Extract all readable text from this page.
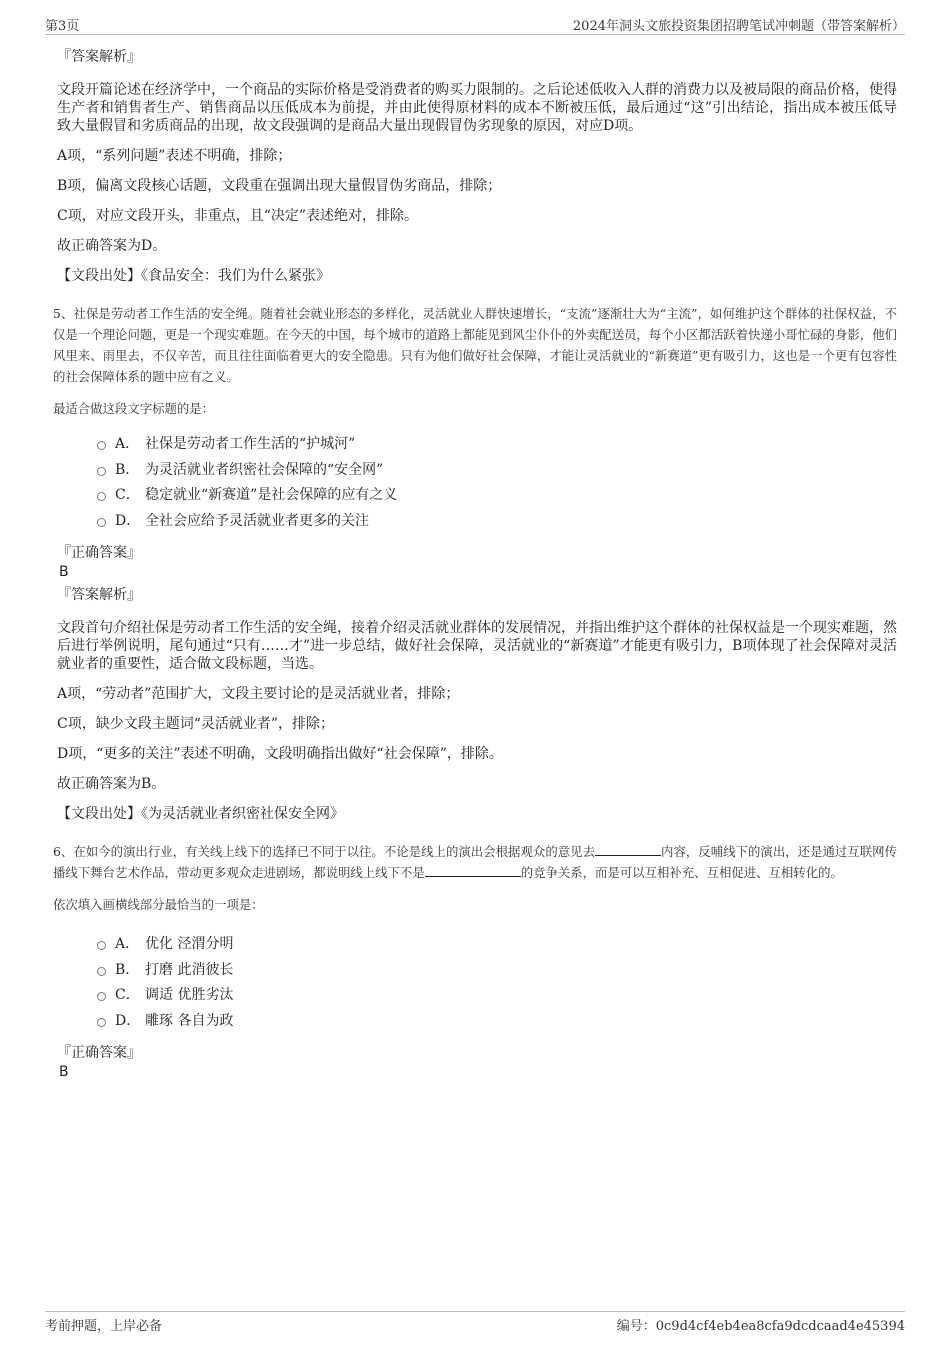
第3页	2024年洞头文旅投资集团招聘笔试冲刺题（带答案解析）
『答案解析』

文段开篇论述在经济学中，一个商品的实际价格是受消费者的购买力限制的。之后论述低收入人群的消费力以及被局限的商品价格，使得生产者和销售者生产、销售商品以压低成本为前提，并由此使得原材料的成本不断被压低，最后通过“这”引出结论，指出成本被压低导致大量假冒和劣质商品的出现，故文段强调的是商品大量出现假冒伪劣现象的原因，对应D项。

A项，“系列问题”表述不明确，排除；

B项，偏离文段核心话题，文段重在强调出现大量假冒伪劣商品，排除；

C项，对应文段开头，非重点，且“决定”表述绝对，排除。

故正确答案为D。

【文段出处】《食品安全：我们为什么紧张》

5、社保是劳动者工作生活的安全绳。随着社会就业形态的多样化，灵活就业人群快速增长，“支流”逐渐壮大为“主流”，如何维护这个群体的社保权益，不仅是一个理论问题，更是一个现实难题。在今天的中国，每个城市的道路上都能见到风尘仆仆的外卖配送员，每个小区都活跃着快递小哥忙碌的身影，他们风里来、雨里去，不仅辛苦，而且往往面临着更大的安全隐患。只有为他们做好社会保障，才能让灵活就业的“新赛道”更有吸引力，这也是一个更有包容性的社会保障体系的题中应有之义。

最适合做这段文字标题的是：

A． 社保是劳动者工作生活的“护城河”
B． 为灵活就业者织密社会保障的“安全网”
C． 稳定就业“新赛道”是社会保障的应有之义
D． 全社会应给予灵活就业者更多的关注
『正确答案』
B
『答案解析』

文段首句介绍社保是劳动者工作生活的安全绳，接着介绍灵活就业群体的发展情况，并指出维护这个群体的社保权益是一个现实难题，然后进行举例说明，尾句通过“只有……才”进一步总结，做好社会保障，灵活就业的“新赛道”才能更有吸引力，B项体现了社会保障对灵活就业者的重要性，适合做文段标题，当选。

A项，“劳动者”范围扩大，文段主要讨论的是灵活就业者，排除；

C项，缺少文段主题词“灵活就业者”，排除；

D项，“更多的关注”表述不明确，文段明确指出做好“社会保障”，排除。

故正确答案为B。

【文段出处】《为灵活就业者织密社保安全网》

6、在如今的演出行业，有关线上线下的选择已不同于以往。不论是线上的演出会根据观众的意见去	内容，反哺线下的演出，还是通过互联网传播线下舞台艺术作品，带动更多观众走进剧场，都说明线上线下不是	的竞争关系，而是可以互相补充、互相促进、互相转化的。

依次填入画横线部分最恰当的一项是：

A． 优化 泾渭分明
B． 打磨 此消彼长
C． 调适 优胜劣汰
D． 雕琢 各自为政
『正确答案』
B
考前押题，上岸必备	编号：0c9d4cf4eb4ea8cfa9dcdcaad4e45394
